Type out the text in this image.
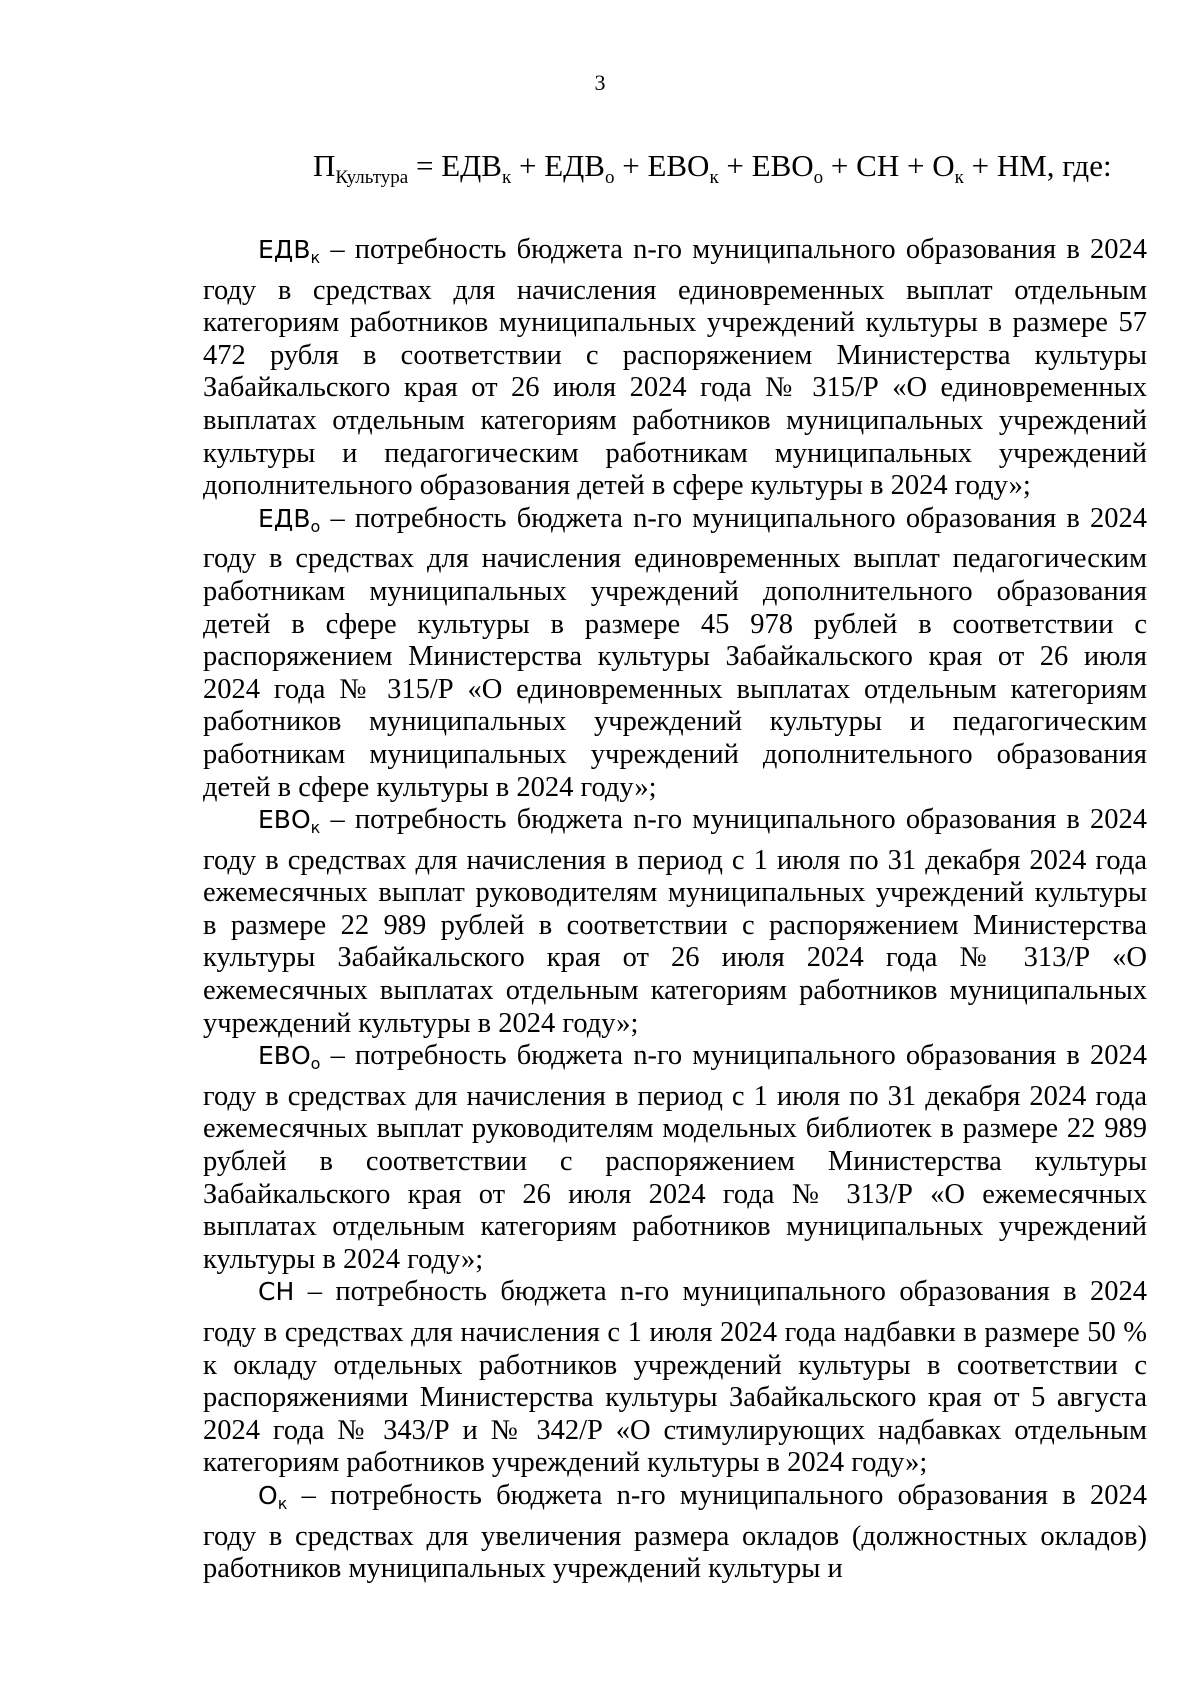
3
$П_{Культура} = ЕДВ_к + ЕДВ_о + ЕВО_к + ЕВО_о$ + СН + $О_к$ + НМ, где:

$ЕДВ_к$ – потребность бюджета n-го муниципального образования в 2024 году в средствах для начисления единовременных выплат отдельным категориям работников муниципальных учреждений культуры в размере 57 472 рубля в соответствии с распоряжением Министерства культуры Забайкальского края от 26 июля 2024 года № 315/Р «О единовременных выплатах отдельным категориям работников муниципальных учреждений культуры и педагогическим работникам муниципальных учреждений дополнительного образования детей в сфере культуры в 2024 году»;

$ЕДВ_о$ – потребность бюджета n-го муниципального образования в 2024 году в средствах для начисления единовременных выплат педагогическим работникам муниципальных учреждений дополнительного образования детей в сфере культуры в размере 45 978 рублей в соответствии с распоряжением Министерства культуры Забайкальского края от 26 июля 2024 года № 315/Р «О единовременных выплатах отдельным категориям работников муниципальных учреждений культуры и педагогическим работникам муниципальных учреждений дополнительного образования детей в сфере культуры в 2024 году»;

$ЕВО_к$ – потребность бюджета n-го муниципального образования в 2024 году в средствах для начисления в период с 1 июля по 31 декабря 2024 года ежемесячных выплат руководителям муниципальных учреждений культуры в размере 22 989 рублей в соответствии с распоряжением Министерства культуры Забайкальского края от 26 июля 2024 года № 313/Р «О ежемесячных выплатах отдельным категориям работников муниципальных учреждений культуры в 2024 году»;

$ЕВО_о$ – потребность бюджета n-го муниципального образования в 2024 году в средствах для начисления в период с 1 июля по 31 декабря 2024 года ежемесячных выплат руководителям модельных библиотек в размере 22 989 рублей в соответствии с распоряжением Министерства культуры Забайкальского края от 26 июля 2024 года № 313/Р «О ежемесячных выплатах отдельным категориям работников муниципальных учреждений культуры в 2024 году»;

СН – потребность бюджета n-го муниципального образования в 2024 году в средствах для начисления с 1 июля 2024 года надбавки в размере 50 % к окладу отдельных работников учреждений культуры в соответствии с распоряжениями Министерства культуры Забайкальского края от 5 августа 2024 года № 343/Р и № 342/Р «О стимулирующих надбавках отдельным категориям работников учреждений культуры в 2024 году»;

$О_к$ – потребность бюджета n-го муниципального образования в 2024 году в средствах для увеличения размера окладов (должностных окладов) работников муниципальных учреждений культуры и
